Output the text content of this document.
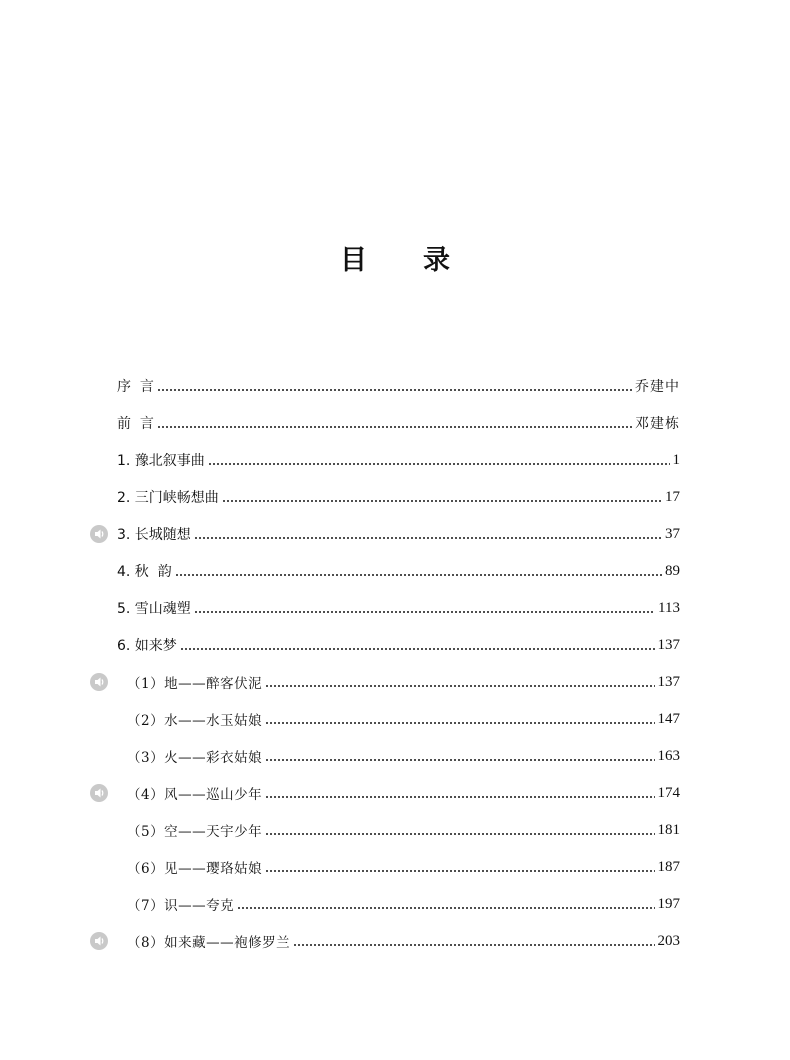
目 录
序  言	乔建中
前  言	邓建栋
1. 豫北叙事曲	1
2. 三门峡畅想曲	17
3. 长城随想	37
4. 秋  韵	89
5. 雪山魂塑	113
6. 如来梦	137
（1）地——醉客伏泥	137
（2）水——水玉姑娘	147
（3）火——彩衣姑娘	163
（4）风——巡山少年	174
（5）空——天宇少年	181
（6）见——璎珞姑娘	187
（7）识——夸克	197
（8）如来藏——袍修罗兰	203
